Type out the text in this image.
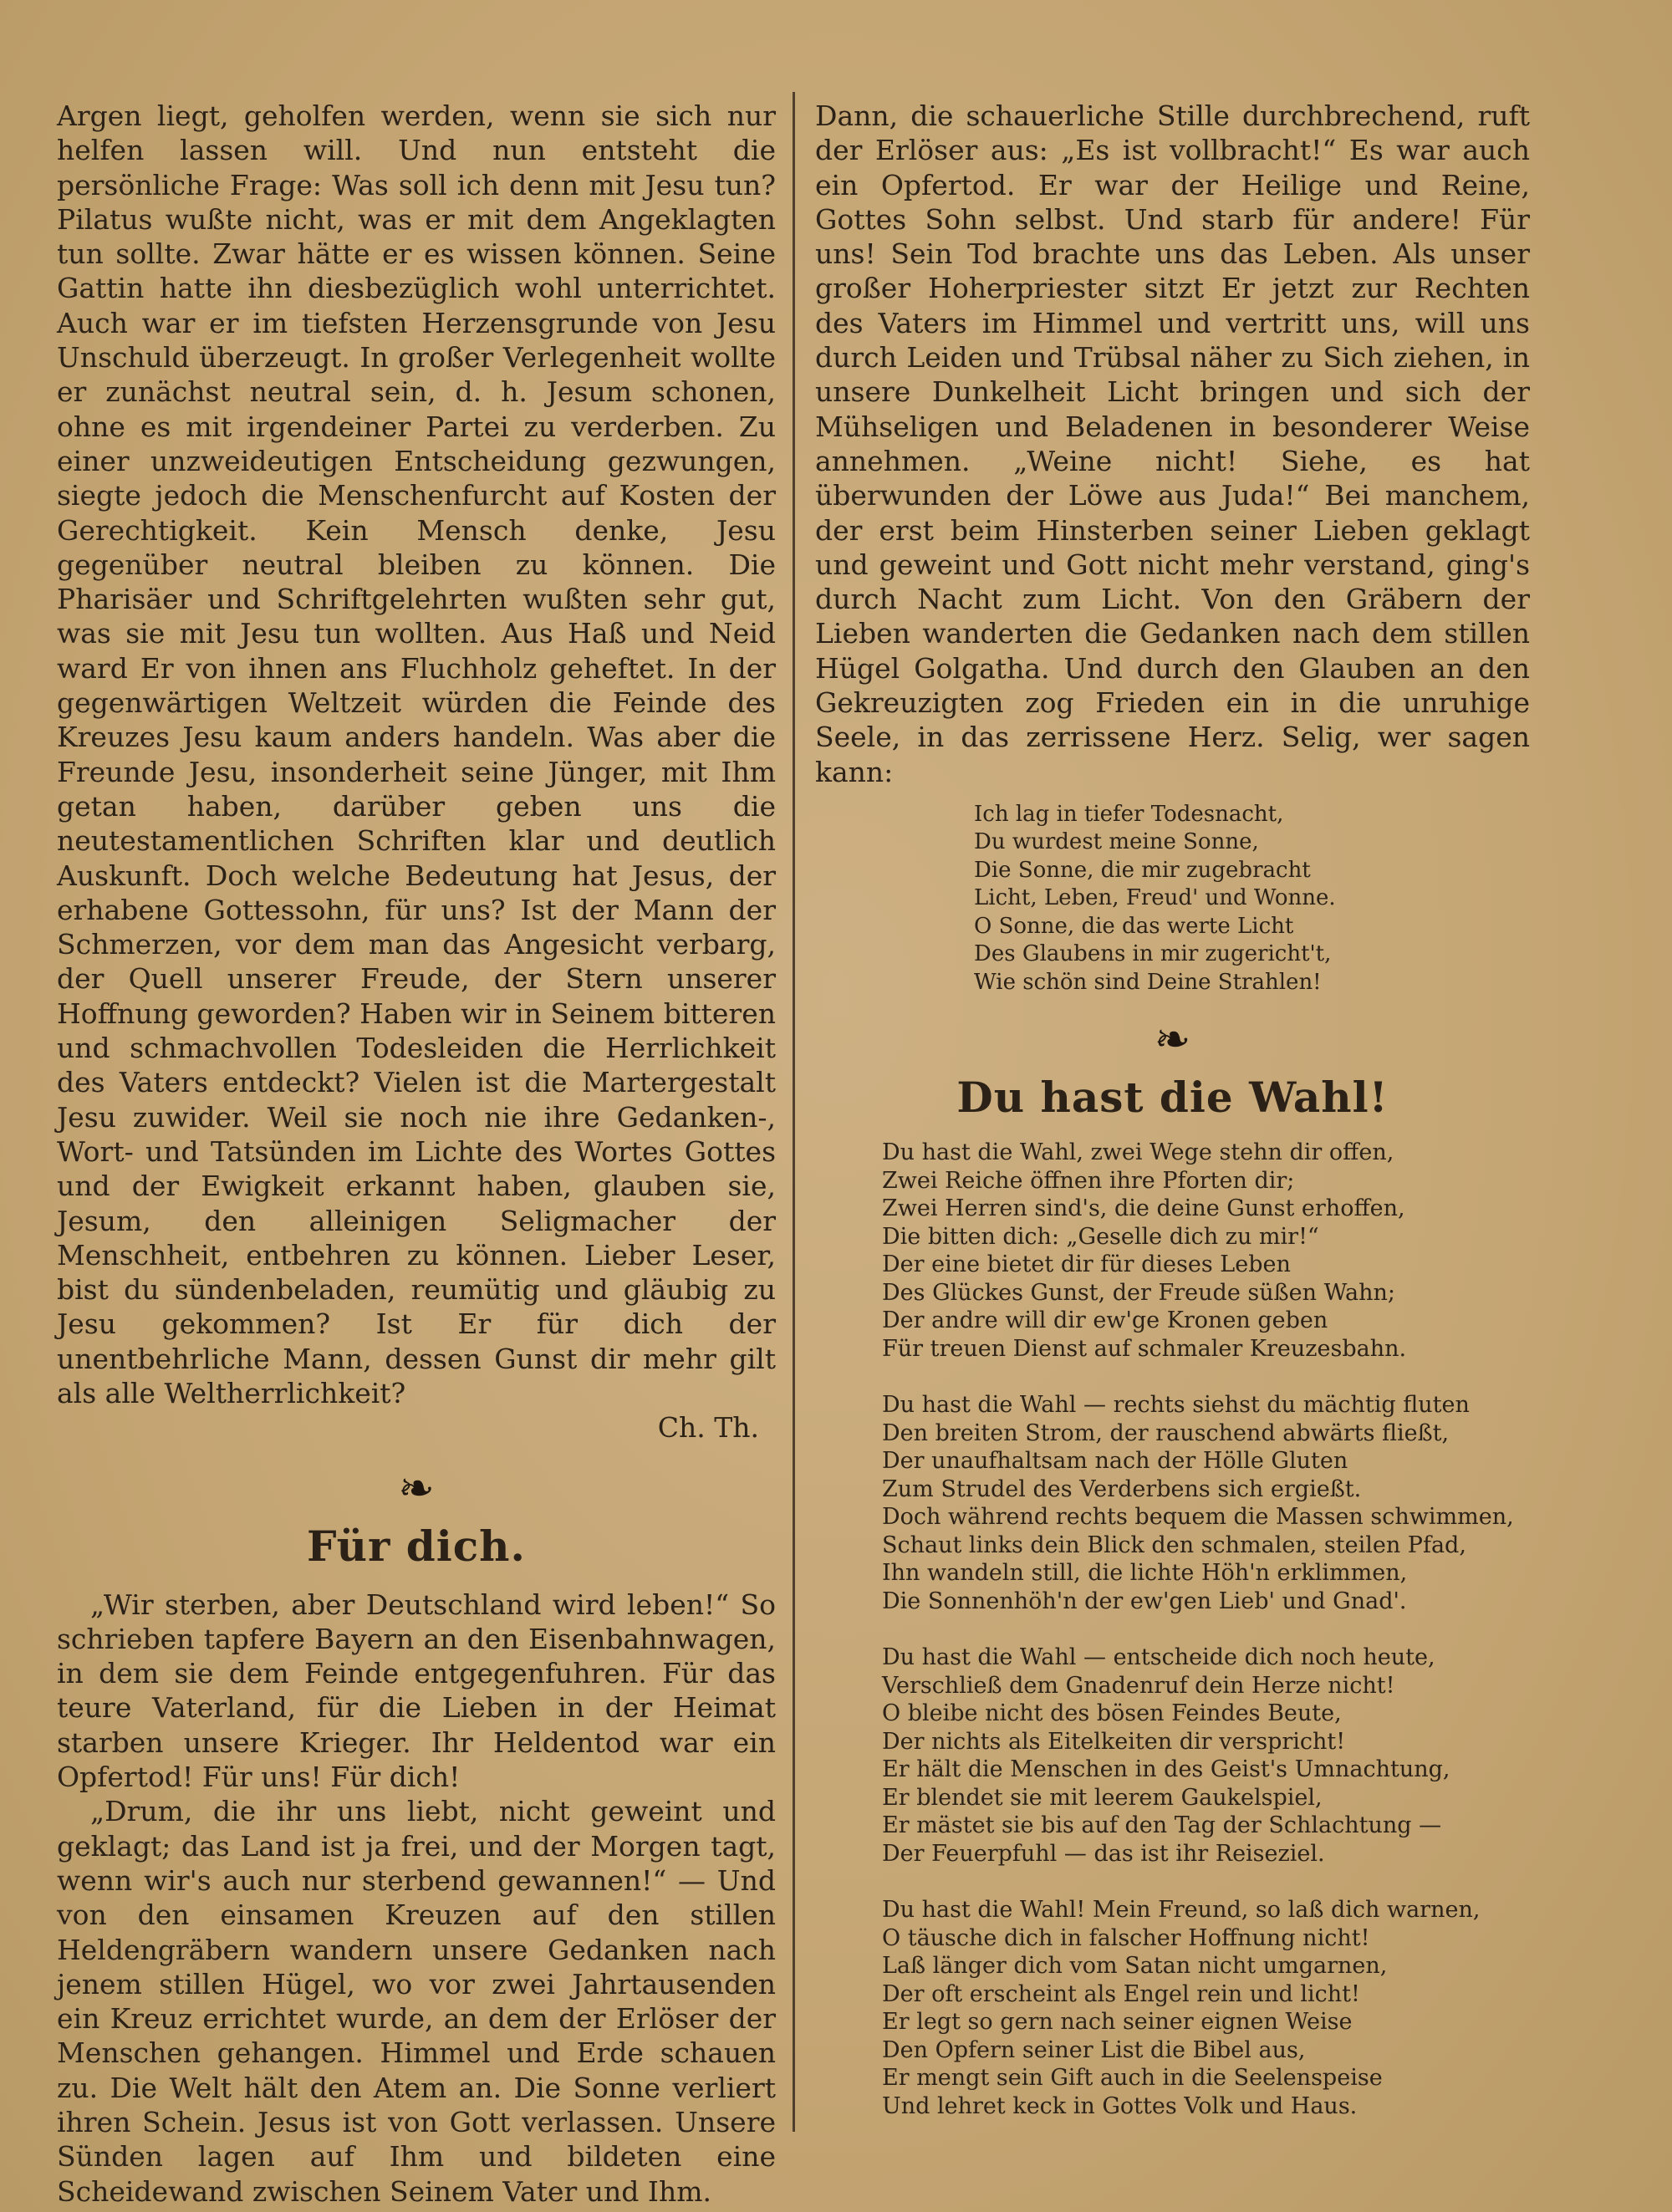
Argen liegt, geholfen werden, wenn sie sich nur helfen lassen will. Und nun entsteht die persönliche Frage: Was soll ich denn mit Jesu tun? Pilatus wußte nicht, was er mit dem Angeklagten tun sollte. Zwar hätte er es wissen können. Seine Gattin hatte ihn diesbezüglich wohl unterrichtet. Auch war er im tiefsten Herzensgrunde von Jesu Unschuld überzeugt. In großer Verlegenheit wollte er zunächst neutral sein, d. h. Jesum schonen, ohne es mit irgendeiner Partei zu verderben. Zu einer unzweideutigen Entscheidung gezwungen, siegte jedoch die Menschenfurcht auf Kosten der Gerechtigkeit. Kein Mensch denke, Jesu gegenüber neutral bleiben zu können. Die Pharisäer und Schriftgelehrten wußten sehr gut, was sie mit Jesu tun wollten. Aus Haß und Neid ward Er von ihnen ans Fluchholz geheftet. In der gegenwärtigen Weltzeit würden die Feinde des Kreuzes Jesu kaum anders handeln. Was aber die Freunde Jesu, insonderheit seine Jünger, mit Ihm getan haben, darüber geben uns die neutestamentlichen Schriften klar und deutlich Auskunft. Doch welche Bedeutung hat Jesus, der erhabene Gottessohn, für uns? Ist der Mann der Schmerzen, vor dem man das Angesicht verbarg, der Quell unserer Freude, der Stern unserer Hoffnung geworden? Haben wir in Seinem bitteren und schmachvollen Todesleiden die Herrlichkeit des Vaters entdeckt? Vielen ist die Martergestalt Jesu zuwider. Weil sie noch nie ihre Gedanken-, Wort- und Tatsünden im Lichte des Wortes Gottes und der Ewigkeit erkannt haben, glauben sie, Jesum, den alleinigen Seligmacher der Menschheit, entbehren zu können. Lieber Leser, bist du sündenbeladen, reumütig und gläubig zu Jesu gekommen? Ist Er für dich der unentbehrliche Mann, dessen Gunst dir mehr gilt als alle Weltherrlichkeit?

Ch. Th.

❧
Für dich.

„Wir sterben, aber Deutschland wird leben!“ So schrieben tapfere Bayern an den Eisenbahnwagen, in dem sie dem Feinde entgegenfuhren. Für das teure Vaterland, für die Lieben in der Heimat starben unsere Krieger. Ihr Heldentod war ein Opfertod! Für uns! Für dich!

„Drum, die ihr uns liebt, nicht geweint und geklagt; das Land ist ja frei, und der Morgen tagt, wenn wir's auch nur sterbend gewannen!“ — Und von den einsamen Kreuzen auf den stillen Heldengräbern wandern unsere Gedanken nach jenem stillen Hügel, wo vor zwei Jahrtausenden ein Kreuz errichtet wurde, an dem der Erlöser der Menschen gehangen. Himmel und Erde schauen zu. Die Welt hält den Atem an. Die Sonne verliert ihren Schein. Jesus ist von Gott verlassen. Unsere Sünden lagen auf Ihm und bildeten eine Scheidewand zwischen Seinem Vater und Ihm.

Dann, die schauerliche Stille durchbrechend, ruft der Erlöser aus: „Es ist vollbracht!“ Es war auch ein Opfertod. Er war der Heilige und Reine, Gottes Sohn selbst. Und starb für andere! Für uns! Sein Tod brachte uns das Leben. Als unser großer Hoherpriester sitzt Er jetzt zur Rechten des Vaters im Himmel und vertritt uns, will uns durch Leiden und Trübsal näher zu Sich ziehen, in unsere Dunkelheit Licht bringen und sich der Mühseligen und Beladenen in besonderer Weise annehmen. „Weine nicht! Siehe, es hat überwunden der Löwe aus Juda!“ Bei manchem, der erst beim Hinsterben seiner Lieben geklagt und geweint und Gott nicht mehr verstand, ging's durch Nacht zum Licht. Von den Gräbern der Lieben wanderten die Gedanken nach dem stillen Hügel Golgatha. Und durch den Glauben an den Gekreuzigten zog Frieden ein in die unruhige Seele, in das zerrissene Herz. Selig, wer sagen kann:

Ich lag in tiefer Todesnacht,
Du wurdest meine Sonne,
Die Sonne, die mir zugebracht
Licht, Leben, Freud' und Wonne.
O Sonne, die das werte Licht
Des Glaubens in mir zugericht't,
Wie schön sind Deine Strahlen!
❧
Du hast die Wahl!
Du hast die Wahl, zwei Wege stehn dir offen,
Zwei Reiche öffnen ihre Pforten dir;
Zwei Herren sind's, die deine Gunst erhoffen,
Die bitten dich: „Geselle dich zu mir!“
Der eine bietet dir für dieses Leben
Des Glückes Gunst, der Freude süßen Wahn;
Der andre will dir ew'ge Kronen geben
Für treuen Dienst auf schmaler Kreuzesbahn.
Du hast die Wahl — rechts siehst du mächtig fluten
Den breiten Strom, der rauschend abwärts fließt,
Der unaufhaltsam nach der Hölle Gluten
Zum Strudel des Verderbens sich ergießt.
Doch während rechts bequem die Massen schwimmen,
Schaut links dein Blick den schmalen, steilen Pfad,
Ihn wandeln still, die lichte Höh'n erklimmen,
Die Sonnenhöh'n der ew'gen Lieb' und Gnad'.
Du hast die Wahl — entscheide dich noch heute,
Verschließ dem Gnadenruf dein Herze nicht!
O bleibe nicht des bösen Feindes Beute,
Der nichts als Eitelkeiten dir verspricht!
Er hält die Menschen in des Geist's Umnachtung,
Er blendet sie mit leerem Gaukelspiel,
Er mästet sie bis auf den Tag der Schlachtung —
Der Feuerpfuhl — das ist ihr Reiseziel.
Du hast die Wahl! Mein Freund, so laß dich warnen,
O täusche dich in falscher Hoffnung nicht!
Laß länger dich vom Satan nicht umgarnen,
Der oft erscheint als Engel rein und licht!
Er legt so gern nach seiner eignen Weise
Den Opfern seiner List die Bibel aus,
Er mengt sein Gift auch in die Seelenspeise
Und lehret keck in Gottes Volk und Haus.
